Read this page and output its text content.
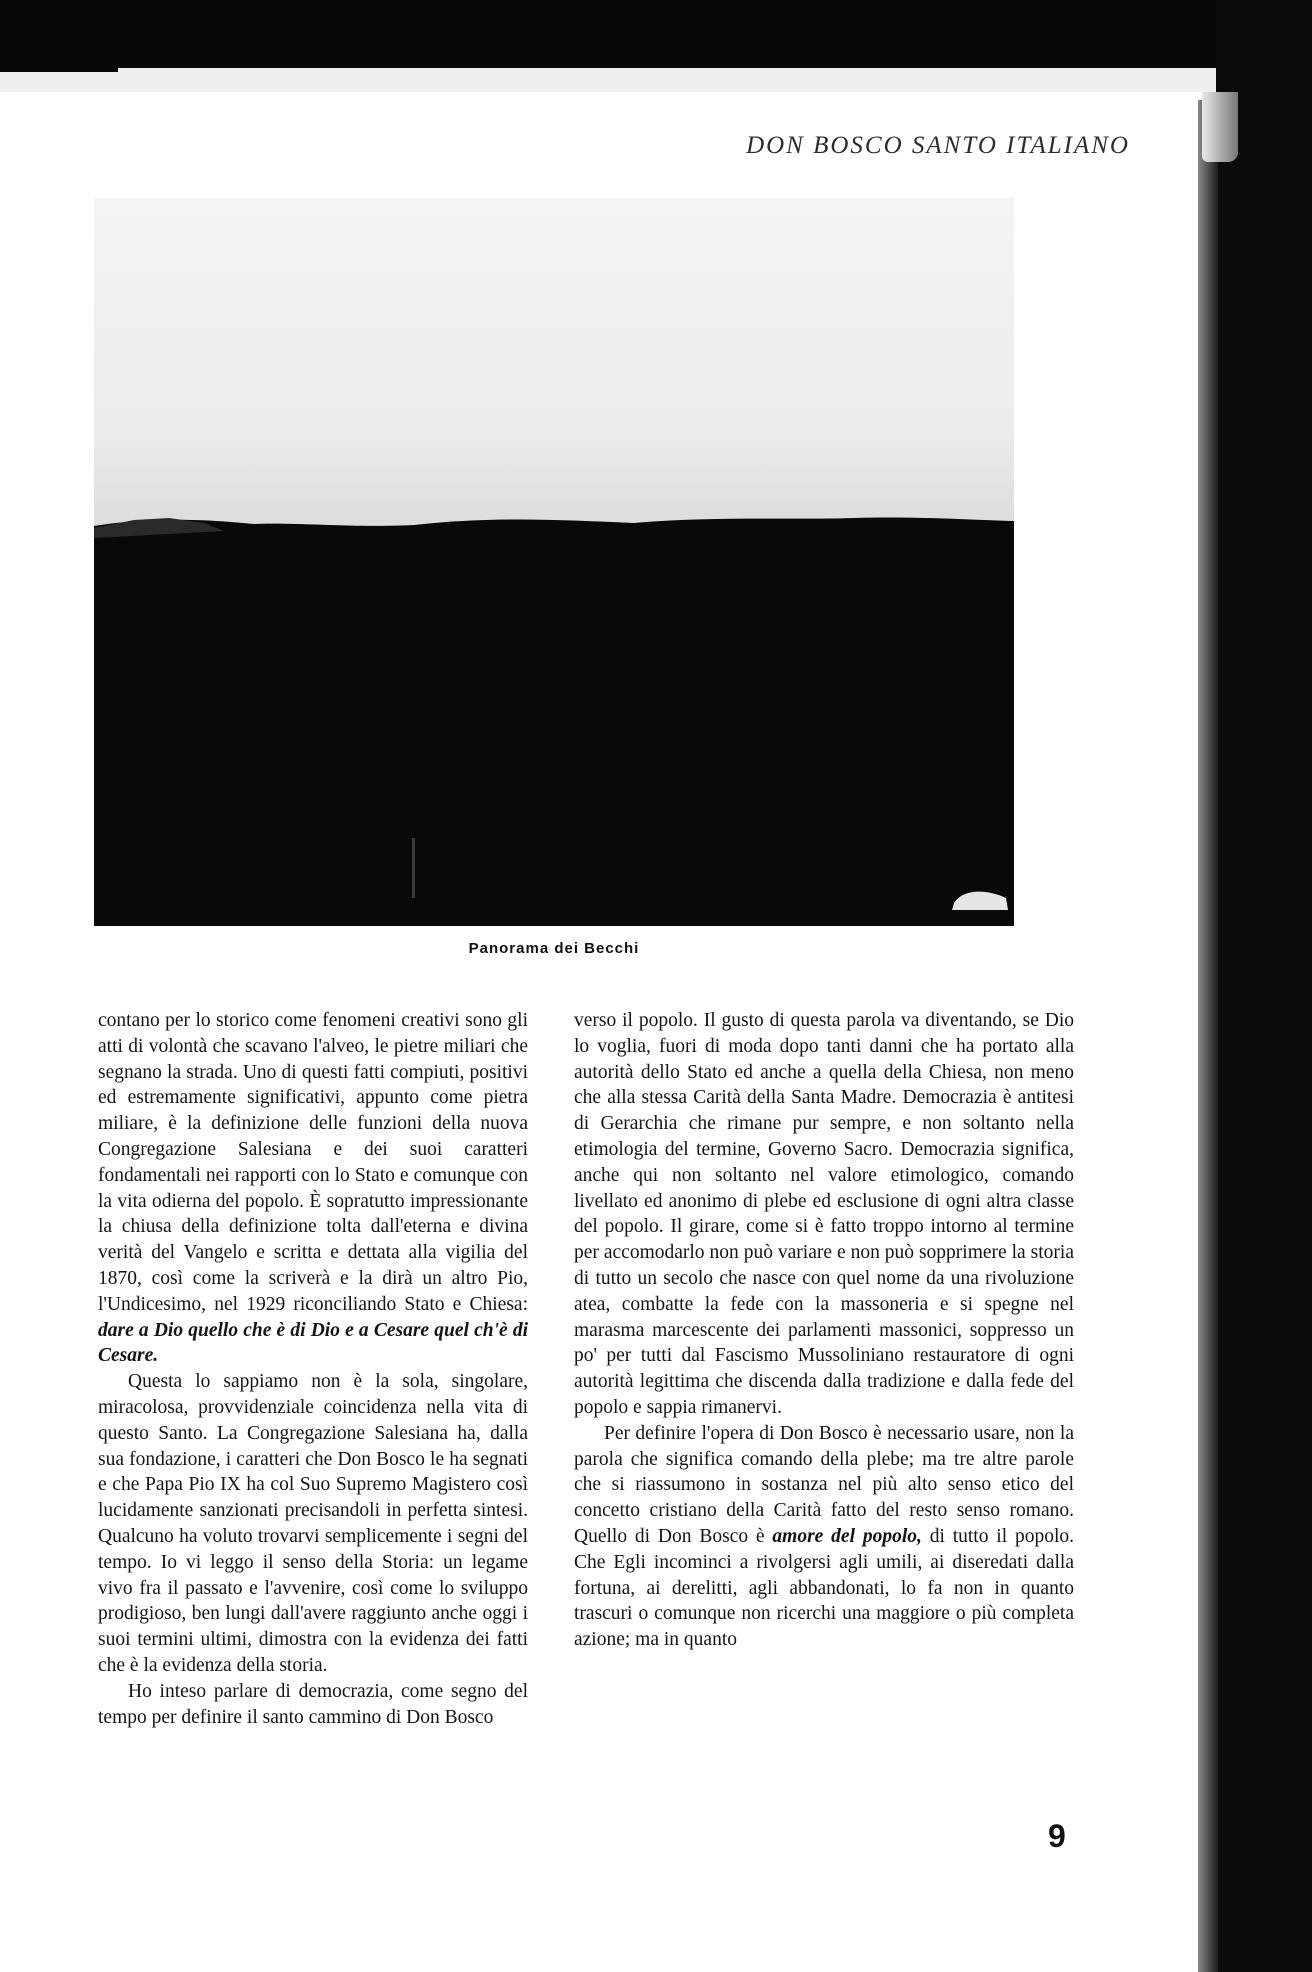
DON BOSCO SANTO ITALIANO
Panorama dei Becchi

contano per lo storico come fenomeni creativi sono gli atti di volontà che scavano l'alveo, le pietre miliari che segnano la strada. Uno di questi fatti compiuti, positivi ed estremamente significativi, appunto come pietra miliare, è la definizione delle funzioni della nuova Congregazione Salesiana e dei suoi caratteri fondamentali nei rapporti con lo Stato e comunque con la vita odierna del popolo. È sopratutto impressionante la chiusa della definizione tolta dall'eterna e divina verità del Vangelo e scritta e dettata alla vigilia del 1870, così come la scriverà e la dirà un altro Pio, l'Undicesimo, nel 1929 riconciliando Stato e Chiesa: dare a Dio quello che è di Dio e a Cesare quel ch'è di Cesare.

Questa lo sappiamo non è la sola, singolare, miracolosa, provvidenziale coincidenza nella vita di questo Santo. La Congregazione Salesiana ha, dalla sua fondazione, i caratteri che Don Bosco le ha segnati e che Papa Pio IX ha col Suo Supremo Magistero così lucidamente sanzionati precisandoli in perfetta sintesi. Qualcuno ha voluto trovarvi semplicemente i segni del tempo. Io vi leggo il senso della Storia: un legame vivo fra il passato e l'avvenire, così come lo sviluppo prodigioso, ben lungi dall'avere raggiunto anche oggi i suoi termini ultimi, dimostra con la evidenza dei fatti che è la evidenza della storia.

Ho inteso parlare di democrazia, come segno del tempo per definire il santo cammino di Don Bosco

verso il popolo. Il gusto di questa parola va diventando, se Dio lo voglia, fuori di moda dopo tanti danni che ha portato alla autorità dello Stato ed anche a quella della Chiesa, non meno che alla stessa Carità della Santa Madre. Democrazia è antitesi di Gerarchia che rimane pur sempre, e non soltanto nella etimologia del termine, Governo Sacro. Democrazia significa, anche qui non soltanto nel valore etimologico, comando livellato ed anonimo di plebe ed esclusione di ogni altra classe del popolo. Il girare, come si è fatto troppo intorno al termine per accomodarlo non può variare e non può sopprimere la storia di tutto un secolo che nasce con quel nome da una rivoluzione atea, combatte la fede con la massoneria e si spegne nel marasma marcescente dei parlamenti massonici, soppresso un po' per tutti dal Fascismo Mussoliniano restauratore di ogni autorità legittima che discenda dalla tradizione e dalla fede del popolo e sappia rimanervi.

Per definire l'opera di Don Bosco è necessario usare, non la parola che significa comando della plebe; ma tre altre parole che si riassumono in sostanza nel più alto senso etico del concetto cristiano della Carità fatto del resto senso romano. Quello di Don Bosco è amore del popolo, di tutto il popolo. Che Egli incominci a rivolgersi agli umili, ai diseredati dalla fortuna, ai derelitti, agli abbandonati, lo fa non in quanto trascuri o comunque non ricerchi una maggiore o più completa azione; ma in quanto

9
